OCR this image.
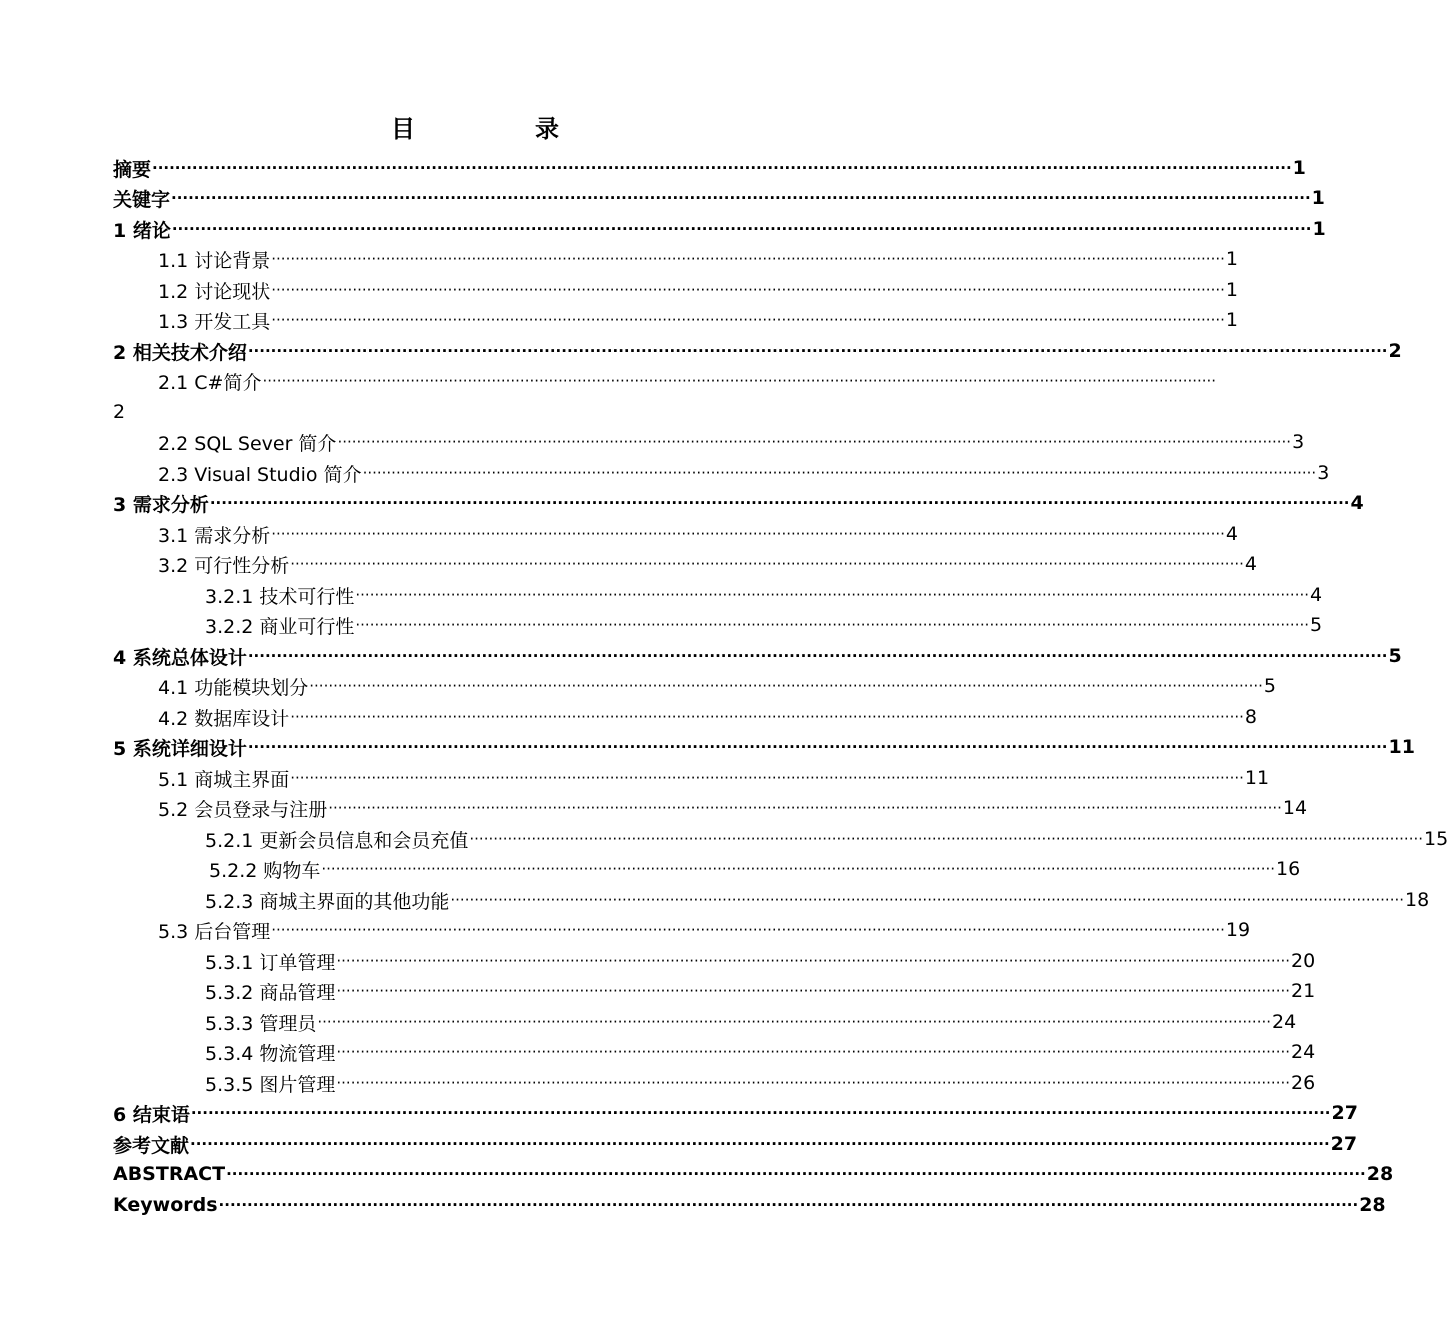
目	录
摘要 ········································································································································································································ 1
关键字 ········································································································································································································ 1
1 绪论 ········································································································································································································ 1
1.1 讨论背景 ········································································································································································································ 1
1.2 讨论现状 ········································································································································································································ 1
1.3 开发工具 ········································································································································································································ 1
2 相关技术介绍 ········································································································································································································ 2
2.1 C#简介 ········································································································································································································
2
2.2 SQL Sever 简介 ········································································································································································································ 3
2.3 Visual Studio 简介 ········································································································································································································ 3
3 需求分析 ········································································································································································································ 4
3.1 需求分析 ········································································································································································································ 4
3.2 可行性分析 ········································································································································································································ 4
3.2.1 技术可行性 ········································································································································································································ 4
3.2.2 商业可行性 ········································································································································································································ 5
4 系统总体设计 ········································································································································································································ 5
4.1 功能模块划分 ········································································································································································································ 5
4.2 数据库设计 ········································································································································································································ 8
5 系统详细设计 ········································································································································································································ 11
5.1 商城主界面 ········································································································································································································ 11
5.2 会员登录与注册 ········································································································································································································ 14
5.2.1 更新会员信息和会员充值 ········································································································································································································ 15
5.2.2 购物车 ········································································································································································································ 16
5.2.3 商城主界面的其他功能 ········································································································································································································ 18
5.3 后台管理 ········································································································································································································ 19
5.3.1 订单管理 ········································································································································································································ 20
5.3.2 商品管理 ········································································································································································································ 21
5.3.3 管理员 ········································································································································································································ 24
5.3.4 物流管理 ········································································································································································································ 24
5.3.5 图片管理 ········································································································································································································ 26
6 结束语 ········································································································································································································ 27
参考文献 ········································································································································································································ 27
ABSTRACT ········································································································································································································ 28
Keywords ········································································································································································································ 28
